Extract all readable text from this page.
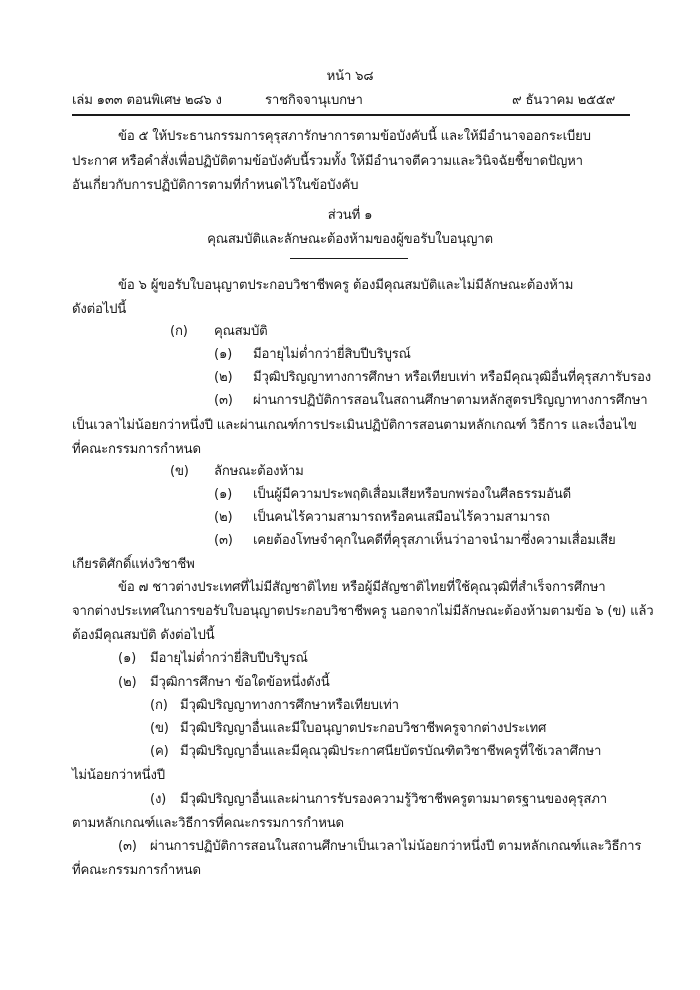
หน้า ๖๘
เล่ม ๑๓๓ ตอนพิเศษ ๒๘๖ ง	ราชกิจจานุเบกษา	๙ ธันวาคม ๒๕๕๙
ข้อ ๕ ให้ประธานกรรมการคุรุสภารักษาการตามข้อบังคับนี้ และให้มีอำนาจออกระเบียบ
ประกาศ หรือคำสั่งเพื่อปฏิบัติตามข้อบังคับนี้รวมทั้ง ให้มีอำนาจตีความและวินิจฉัยชี้ขาดปัญหา
อันเกี่ยวกับการปฏิบัติการตามที่กำหนดไว้ในข้อบังคับ
ส่วนที่ ๑
คุณสมบัติและลักษณะต้องห้ามของผู้ขอรับใบอนุญาต
ข้อ ๖ ผู้ขอรับใบอนุญาตประกอบวิชาชีพครู ต้องมีคุณสมบัติและไม่มีลักษณะต้องห้าม
ดังต่อไปนี้
(ก) คุณสมบัติ
(๑) มีอายุไม่ต่ำกว่ายี่สิบปีบริบูรณ์
(๒) มีวุฒิปริญญาทางการศึกษา หรือเทียบเท่า หรือมีคุณวุฒิอื่นที่คุรุสภารับรอง
(๓) ผ่านการปฏิบัติการสอนในสถานศึกษาตามหลักสูตรปริญญาทางการศึกษา
เป็นเวลาไม่น้อยกว่าหนึ่งปี และผ่านเกณฑ์การประเมินปฏิบัติการสอนตามหลักเกณฑ์ วิธีการ และเงื่อนไข
ที่คณะกรรมการกำหนด
(ข) ลักษณะต้องห้าม
(๑) เป็นผู้มีความประพฤติเสื่อมเสียหรือบกพร่องในศีลธรรมอันดี
(๒) เป็นคนไร้ความสามารถหรือคนเสมือนไร้ความสามารถ
(๓) เคยต้องโทษจำคุกในคดีที่คุรุสภาเห็นว่าอาจนำมาซึ่งความเสื่อมเสีย
เกียรติศักดิ์แห่งวิชาชีพ
ข้อ ๗ ชาวต่างประเทศที่ไม่มีสัญชาติไทย หรือผู้มีสัญชาติไทยที่ใช้คุณวุฒิที่สำเร็จการศึกษา
จากต่างประเทศในการขอรับใบอนุญาตประกอบวิชาชีพครู นอกจากไม่มีลักษณะต้องห้ามตามข้อ ๖ (ข) แล้ว
ต้องมีคุณสมบัติ ดังต่อไปนี้
(๑) มีอายุไม่ต่ำกว่ายี่สิบปีบริบูรณ์
(๒) มีวุฒิการศึกษา ข้อใดข้อหนึ่งดังนี้
(ก) มีวุฒิปริญญาทางการศึกษาหรือเทียบเท่า
(ข) มีวุฒิปริญญาอื่นและมีใบอนุญาตประกอบวิชาชีพครูจากต่างประเทศ
(ค) มีวุฒิปริญญาอื่นและมีคุณวุฒิประกาศนียบัตรบัณฑิตวิชาชีพครูที่ใช้เวลาศึกษา
ไม่น้อยกว่าหนึ่งปี
(ง) มีวุฒิปริญญาอื่นและผ่านการรับรองความรู้วิชาชีพครูตามมาตรฐานของคุรุสภา
ตามหลักเกณฑ์และวิธีการที่คณะกรรมการกำหนด
(๓) ผ่านการปฏิบัติการสอนในสถานศึกษาเป็นเวลาไม่น้อยกว่าหนึ่งปี ตามหลักเกณฑ์และวิธีการ
ที่คณะกรรมการกำหนด
